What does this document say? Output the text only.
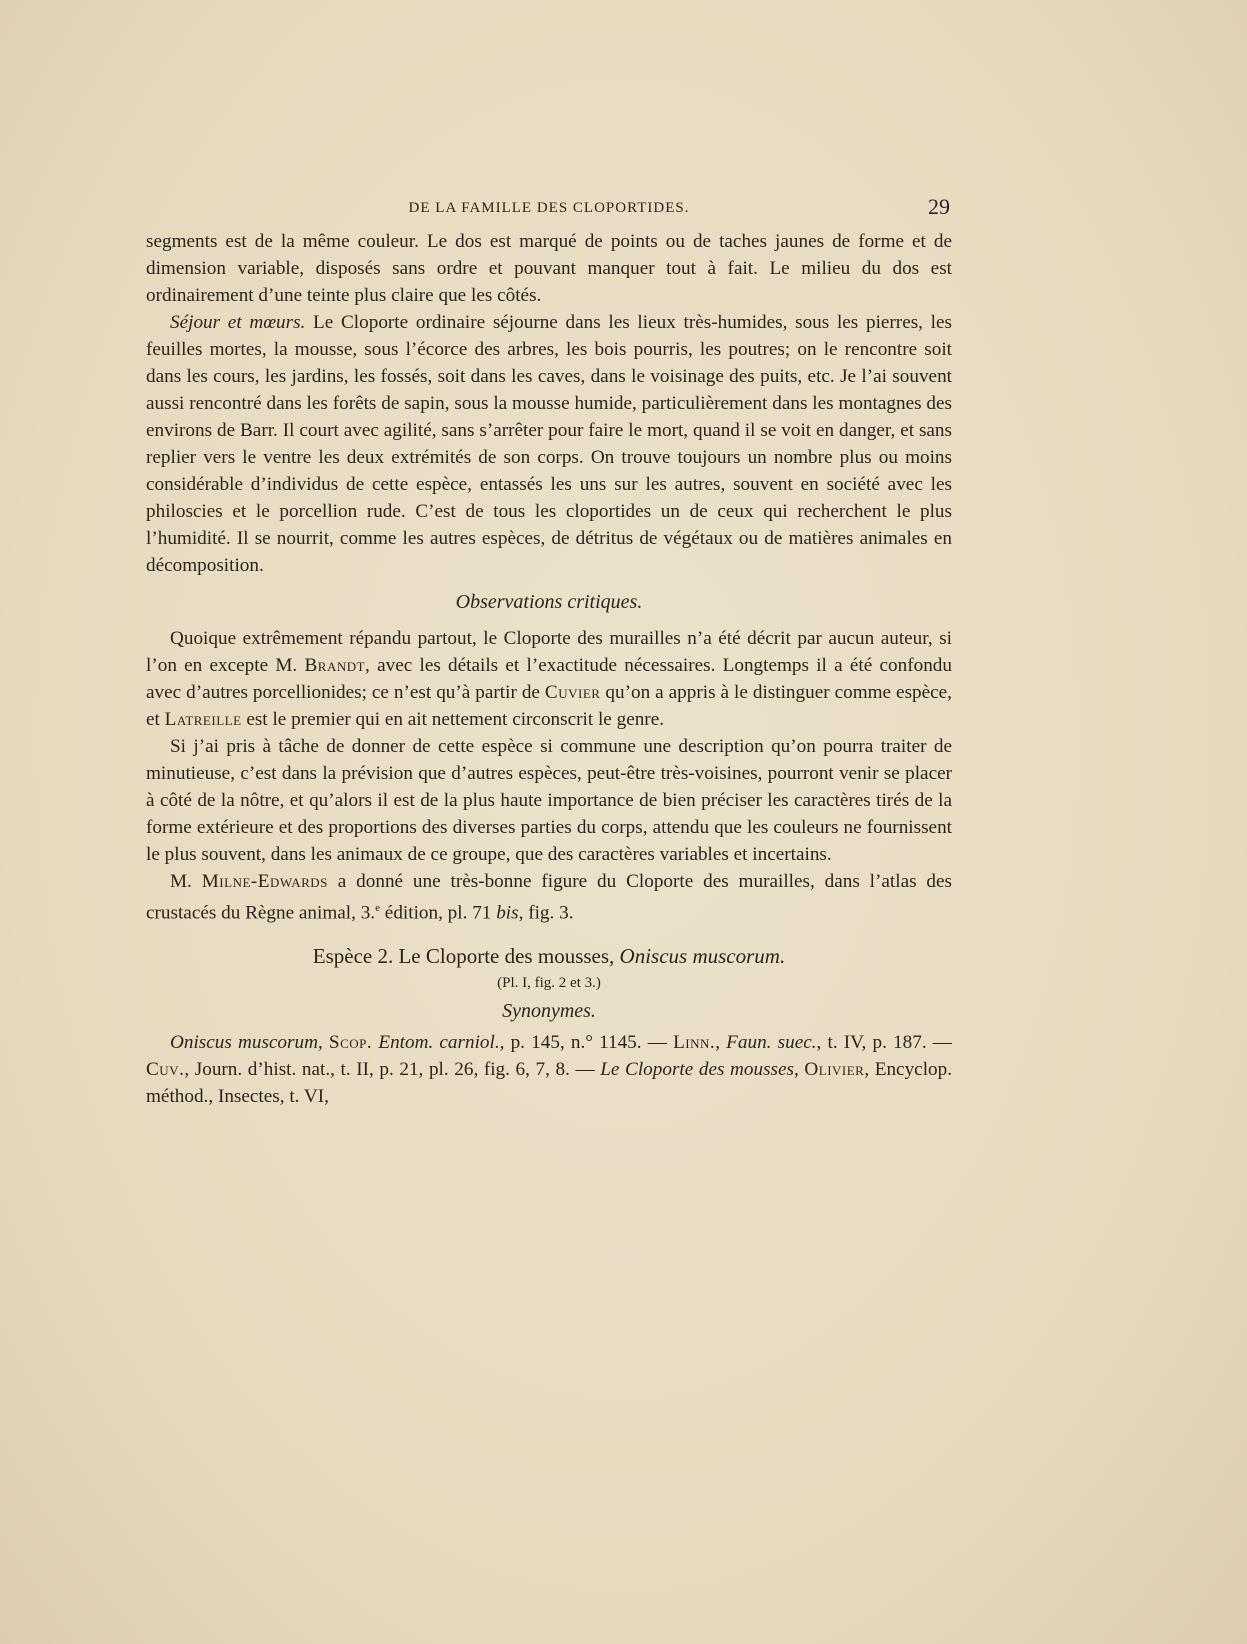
DE LA FAMILLE DES CLOPORTIDES.	29

segments est de la même couleur. Le dos est marqué de points ou de taches jaunes de forme et de dimension variable, disposés sans ordre et pouvant manquer tout à fait. Le milieu du dos est ordinairement d’une teinte plus claire que les côtés.

Séjour et mœurs. Le Cloporte ordinaire séjourne dans les lieux très-humides, sous les pierres, les feuilles mortes, la mousse, sous l’écorce des arbres, les bois pourris, les poutres; on le rencontre soit dans les cours, les jardins, les fossés, soit dans les caves, dans le voisinage des puits, etc. Je l’ai souvent aussi rencontré dans les forêts de sapin, sous la mousse humide, particulièrement dans les montagnes des environs de Barr. Il court avec agilité, sans s’arrêter pour faire le mort, quand il se voit en danger, et sans replier vers le ventre les deux extrémités de son corps. On trouve toujours un nombre plus ou moins considérable d’individus de cette espèce, entassés les uns sur les autres, souvent en société avec les philoscies et le porcellion rude. C’est de tous les cloportides un de ceux qui recherchent le plus l’humidité. Il se nourrit, comme les autres espèces, de détritus de végétaux ou de matières animales en décomposition.

Observations critiques.

Quoique extrêmement répandu partout, le Cloporte des murailles n’a été décrit par aucun auteur, si l’on en excepte M. Brandt, avec les détails et l’exactitude nécessaires. Longtemps il a été confondu avec d’autres porcellionides; ce n’est qu’à partir de Cuvier qu’on a appris à le distinguer comme espèce, et Latreille est le premier qui en ait nettement circonscrit le genre.

Si j’ai pris à tâche de donner de cette espèce si commune une description qu’on pourra traiter de minutieuse, c’est dans la prévision que d’autres espèces, peut-être très-voisines, pourront venir se placer à côté de la nôtre, et qu’alors il est de la plus haute importance de bien préciser les caractères tirés de la forme extérieure et des proportions des diverses parties du corps, attendu que les couleurs ne fournissent le plus souvent, dans les animaux de ce groupe, que des caractères variables et incertains.

M. Milne-Edwards a donné une très-bonne figure du Cloporte des murailles, dans l’atlas des crustacés du Règne animal, 3.$^e$ édition, pl. 71 bis, fig. 3.

Espèce 2. Le Cloporte des mousses, Oniscus muscorum.

(Pl. I, fig. 2 et 3.)

Synonymes.

Oniscus muscorum, Scop. Entom. carniol., p. 145, n.° 1145. — Linn., Faun. suec., t. IV, p. 187. — Cuv., Journ. d’hist. nat., t. II, p. 21, pl. 26, fig. 6, 7, 8. — Le Cloporte des mousses, Olivier, Encyclop. méthod., Insectes, t. VI,
